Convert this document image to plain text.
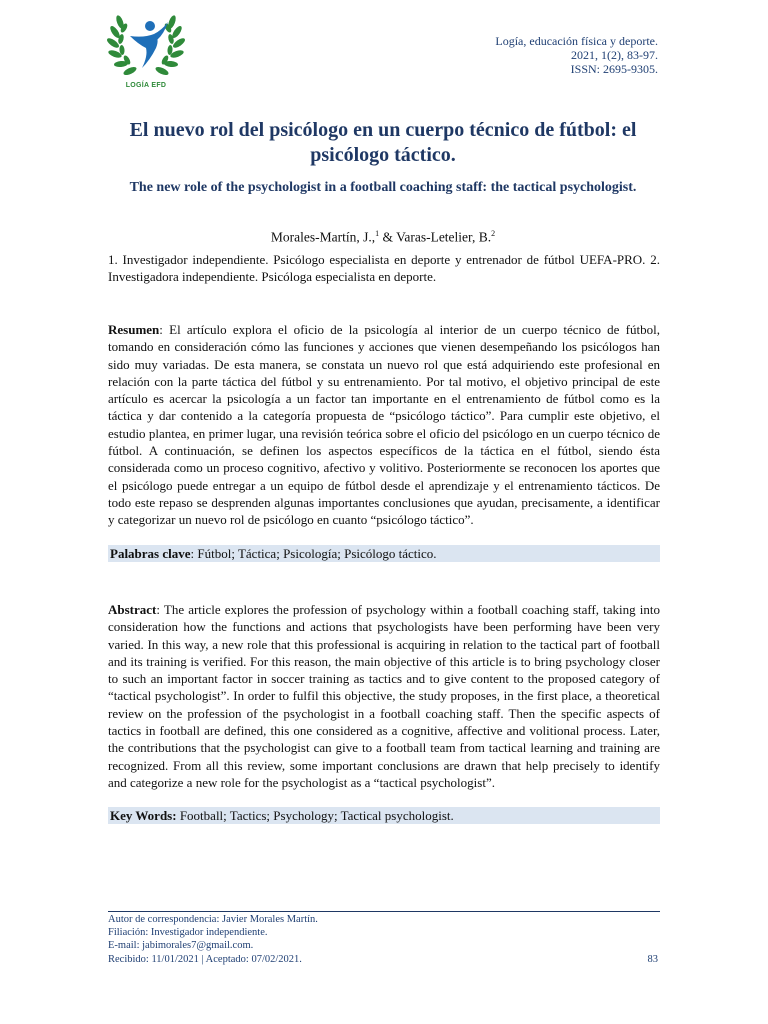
LOGÍA EFD
Logía, educación física y deporte.
2021, 1(2), 83-97.
ISSN: 2695-9305.
El nuevo rol del psicólogo en un cuerpo técnico de fútbol: el psicólogo táctico.
The new role of the psychologist in a football coaching staff: the tactical psychologist.
Morales-Martín, J.,$^1$ & Varas-Letelier, B.$^2$

1. Investigador independiente. Psicólogo especialista en deporte y entrenador de fútbol UEFA-PRO. 2. Investigadora independiente. Psicóloga especialista en deporte.

Resumen: El artículo explora el oficio de la psicología al interior de un cuerpo técnico de fútbol, tomando en consideración cómo las funciones y acciones que vienen desempeñando los psicólogos han sido muy variadas. De esta manera, se constata un nuevo rol que está adquiriendo este profesional en relación con la parte táctica del fútbol y su entrenamiento. Por tal motivo, el objetivo principal de este artículo es acercar la psicología a un factor tan importante en el entrenamiento de fútbol como es la táctica y dar contenido a la categoría propuesta de “psicólogo táctico”. Para cumplir este objetivo, el estudio plantea, en primer lugar, una revisión teórica sobre el oficio del psicólogo en un cuerpo técnico de fútbol. A continuación, se definen los aspectos específicos de la táctica en el fútbol, siendo ésta considerada como un proceso cognitivo, afectivo y volitivo. Posteriormente se reconocen los aportes que el psicólogo puede entregar a un equipo de fútbol desde el aprendizaje y el entrenamiento tácticos. De todo este repaso se desprenden algunas importantes conclusiones que ayudan, precisamente, a identificar y categorizar un nuevo rol de psicólogo en cuanto “psicólogo táctico”.

Palabras clave: Fútbol; Táctica; Psicología; Psicólogo táctico.

Abstract: The article explores the profession of psychology within a football coaching staff, taking into consideration how the functions and actions that psychologists have been performing have been very varied. In this way, a new role that this professional is acquiring in relation to the tactical part of football and its training is verified. For this reason, the main objective of this article is to bring psychology closer to such an important factor in soccer training as tactics and to give content to the proposed category of “tactical psychologist”. In order to fulfil this objective, the study proposes, in the first place, a theoretical review on the profession of the psychologist in a football coaching staff. Then the specific aspects of tactics in football are defined, this one considered as a cognitive, affective and volitional process. Later, the contributions that the psychologist can give to a football team from tactical learning and training are recognized. From all this review, some important conclusions are drawn that help precisely to identify and categorize a new role for the psychologist as a “tactical psychologist”.

Key Words: Football; Tactics; Psychology; Tactical psychologist.
Autor de correspondencia: Javier Morales Martín.
Filiación: Investigador independiente.
E-mail: jabimorales7@gmail.com.
Recibido: 11/01/2021 | Aceptado: 07/02/2021.	83
